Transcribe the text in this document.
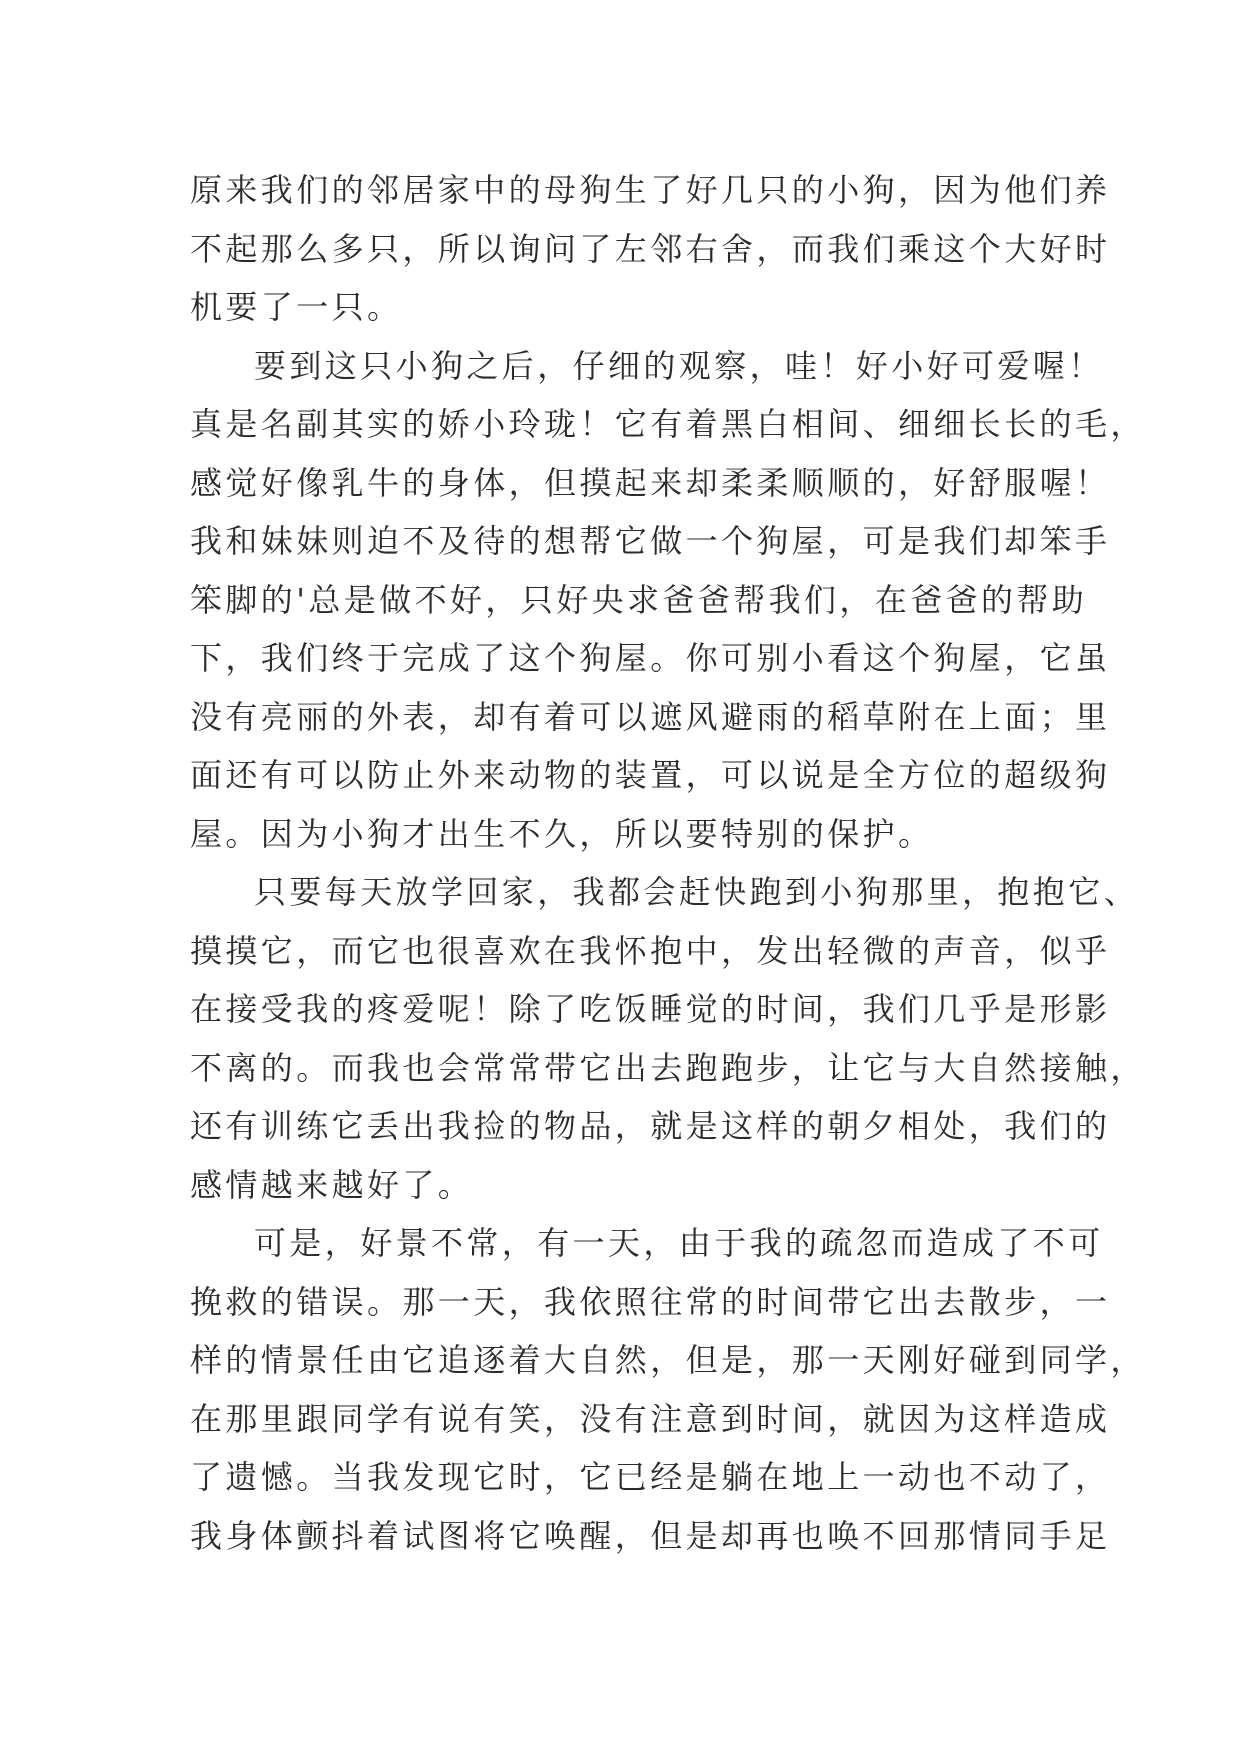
原来我们的邻居家中的母狗生了好几只的小狗，因为他们养
不起那么多只，所以询问了左邻右舍，而我们乘这个大好时
机要了一只。
要到这只小狗之后，仔细的观察，哇！好小好可爱喔！
真是名副其实的娇小玲珑！它有着黑白相间、细细长长的毛，
感觉好像乳牛的身体，但摸起来却柔柔顺顺的，好舒服喔！
我和妹妹则迫不及待的想帮它做一个狗屋，可是我们却笨手
笨脚的'总是做不好，只好央求爸爸帮我们，在爸爸的帮助
下，我们终于完成了这个狗屋。你可别小看这个狗屋，它虽
没有亮丽的外表，却有着可以遮风避雨的稻草附在上面；里
面还有可以防止外来动物的装置，可以说是全方位的超级狗
屋。因为小狗才出生不久，所以要特别的保护。
只要每天放学回家，我都会赶快跑到小狗那里，抱抱它、
摸摸它，而它也很喜欢在我怀抱中，发出轻微的声音，似乎
在接受我的疼爱呢！除了吃饭睡觉的时间，我们几乎是形影
不离的。而我也会常常带它出去跑跑步，让它与大自然接触，
还有训练它丢出我捡的物品，就是这样的朝夕相处，我们的
感情越来越好了。
可是，好景不常，有一天，由于我的疏忽而造成了不可
挽救的错误。那一天，我依照往常的时间带它出去散步，一
样的情景任由它追逐着大自然，但是，那一天刚好碰到同学，
在那里跟同学有说有笑，没有注意到时间，就因为这样造成
了遗憾。当我发现它时，它已经是躺在地上一动也不动了，
我身体颤抖着试图将它唤醒，但是却再也唤不回那情同手足
